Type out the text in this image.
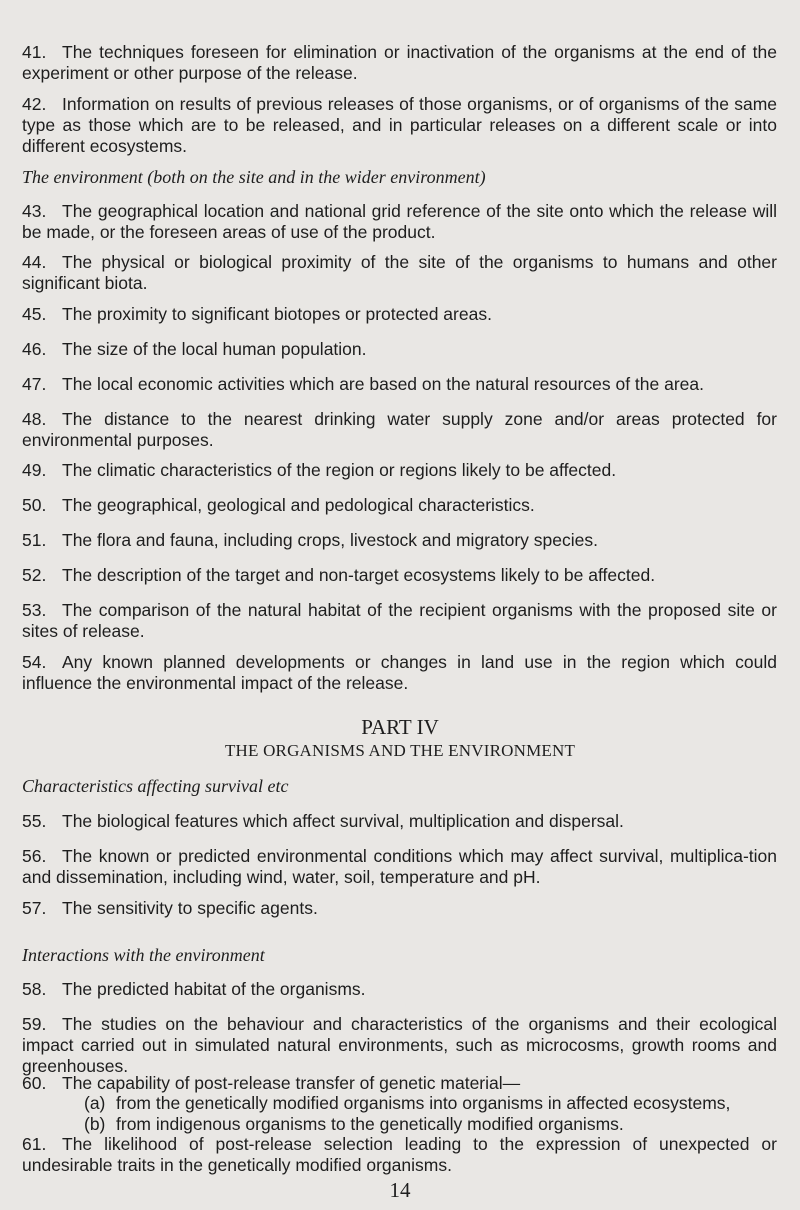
41. The techniques foreseen for elimination or inactivation of the organisms at the end of the experiment or other purpose of the release.

42. Information on results of previous releases of those organisms, or of organisms of the same type as those which are to be released, and in particular releases on a different scale or into different ecosystems.

The environment (both on the site and in the wider environment)

43. The geographical location and national grid reference of the site onto which the release will be made, or the foreseen areas of use of the product.

44. The physical or biological proximity of the site of the organisms to humans and other significant biota.

45. The proximity to significant biotopes or protected areas.

46. The size of the local human population.

47. The local economic activities which are based on the natural resources of the area.

48. The distance to the nearest drinking water supply zone and/or areas protected for environmental purposes.

49. The climatic characteristics of the region or regions likely to be affected.

50. The geographical, geological and pedological characteristics.

51. The flora and fauna, including crops, livestock and migratory species.

52. The description of the target and non-target ecosystems likely to be affected.

53. The comparison of the natural habitat of the recipient organisms with the proposed site or sites of release.

54. Any known planned developments or changes in land use in the region which could influence the environmental impact of the release.

PART IV

THE ORGANISMS AND THE ENVIRONMENT

Characteristics affecting survival etc

55. The biological features which affect survival, multiplication and dispersal.

56. The known or predicted environmental conditions which may affect survival, multiplica-tion and dissemination, including wind, water, soil, temperature and pH.

57. The sensitivity to specific agents.

Interactions with the environment

58. The predicted habitat of the organisms.

59. The studies on the behaviour and characteristics of the organisms and their ecological impact carried out in simulated natural environments, such as microcosms, growth rooms and greenhouses.

60. The capability of post-release transfer of genetic material—

(a) from the genetically modified organisms into organisms in affected ecosystems,

(b) from indigenous organisms to the genetically modified organisms.

61. The likelihood of post-release selection leading to the expression of unexpected or undesirable traits in the genetically modified organisms.

14
